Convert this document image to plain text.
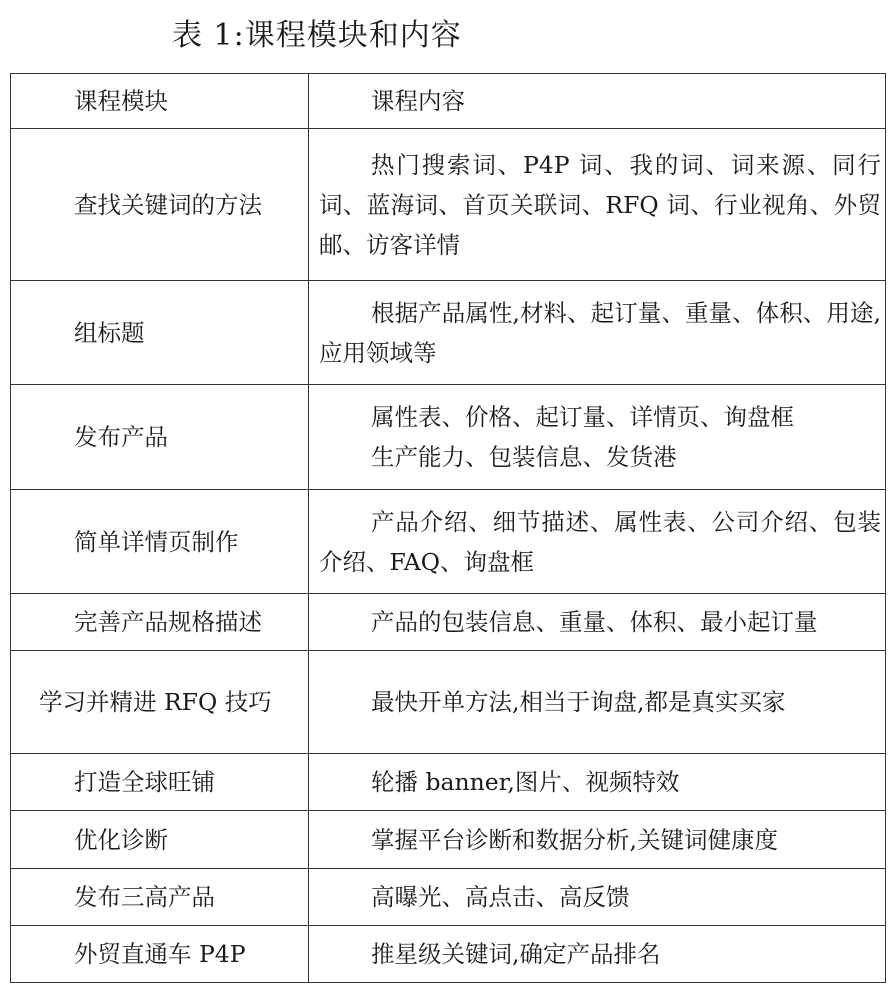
表 1:课程模块和内容
课程模块	课程内容

查找关键词的方法	热门搜索词、P4P 词、我的词、词来源、同行词、蓝海词、首页关联词、RFQ 词、行业视角、外贸邮、访客详情

组标题	根据产品属性,材料、起订量、重量、体积、用途,应用领域等

发布产品	属性表、价格、起订量、详情页、询盘框
生产能力、包装信息、发货港

简单详情页制作	产品介绍、细节描述、属性表、公司介绍、包装介绍、FAQ、询盘框

完善产品规格描述	产品的包装信息、重量、体积、最小起订量

学习并精进 RFQ 技巧	最快开单方法,相当于询盘,都是真实买家

打造全球旺铺	轮播 banner,图片、视频特效

优化诊断	掌握平台诊断和数据分析,关键词健康度

发布三高产品	高曝光、高点击、高反馈

外贸直通车 P4P	推星级关键词,确定产品排名
